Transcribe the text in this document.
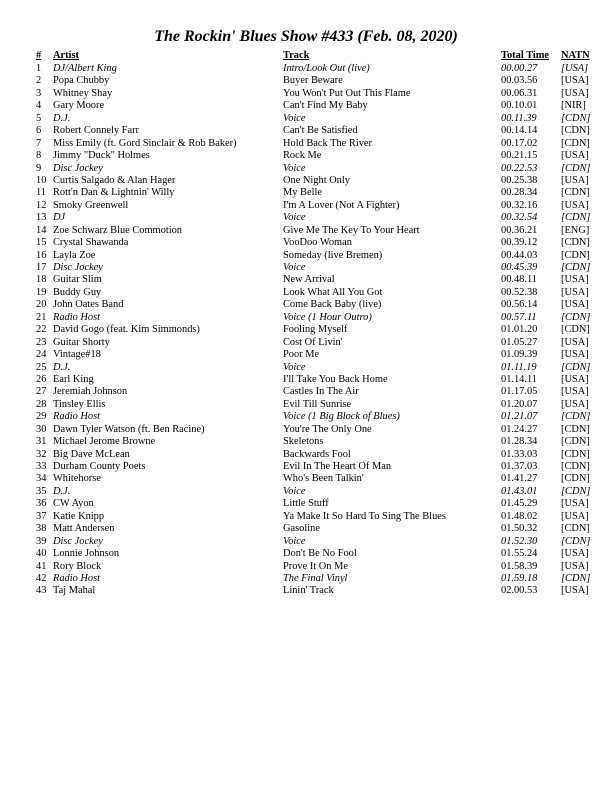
The Rockin' Blues Show #433 (Feb. 08, 2020)
#	Artist	Track	Total Time	NATN
1	DJ/Albert King	Intro/Look Out (live)	00.00.27	[USA]
2	Popa Chubby	Buyer Beware	00.03.56	[USA]
3	Whitney Shay	You Won't Put Out This Flame	00.06.31	[USA]
4	Gary Moore	Can't Find My Baby	00.10.01	[NIR]
5	D.J.	Voice	00.11.39	[CDN]
6	Robert Connely Farr	Can't Be Satisfied	00.14.14	[CDN]
7	Miss Emily (ft. Gord Sinclair & Rob Baker)	Hold Back The River	00.17.02	[CDN]
8	Jimmy "Duck" Holmes	Rock Me	00.21.15	[USA]
9	Disc Jockey	Voice	00.22.53	[CDN]
10	Curtis Salgado & Alan Hager	One Night Only	00.25.38	[USA]
11	Rott'n Dan & Lightnin' Willy	My Belle	00.28.34	[CDN]
12	Smoky Greenwell	I'm A Lover (Not A Fighter)	00.32.16	[USA]
13	DJ	Voice	00.32.54	[CDN]
14	Zoe Schwarz Blue Commotion	Give Me The Key To Your Heart	00.36.21	[ENG]
15	Crystal Shawanda	VooDoo Woman	00.39.12	[CDN]
16	Layla Zoe	Someday (live Bremen)	00.44.03	[CDN]
17	Disc Jockey	Voice	00.45.39	[CDN]
18	Guitar Slim	New Arrival	00.48.11	[USA]
19	Buddy Guy	Look What All You Got	00.52.38	[USA]
20	John Oates Band	Come Back Baby (live)	00.56.14	[USA]
21	Radio Host	Voice (1 Hour Outro)	00.57.11	[CDN]
22	David Gogo (feat. Kim Simmonds)	Fooling Myself	01.01.20	[CDN]
23	Guitar Shorty	Cost Of Livin'	01.05.27	[USA]
24	Vintage#18	Poor Me	01.09.39	[USA]
25	D.J.	Voice	01.11.19	[CDN]
26	Earl King	I'll Take You Back Home	01.14.11	[USA]
27	Jeremiah Johnson	Castles In The Air	01.17.05	[USA]
28	Tinsley Ellis	Evil Till Sunrise	01.20.07	[USA]
29	Radio Host	Voice (1 Big Block of Blues)	01.21.07	[CDN]
30	Dawn Tyler Watson (ft. Ben Racine)	You're The Only One	01.24.27	[CDN]
31	Michael Jerome Browne	Skeletons	01.28.34	[CDN]
32	Big Dave McLean	Backwards Fool	01.33.03	[CDN]
33	Durham County Poets	Evil In The Heart Of Man	01.37.03	[CDN]
34	Whitehorse	Who's Been Talkin'	01.41.27	[CDN]
35	D.J.	Voice	01.43.01	[CDN]
36	CW Ayon	Little Stuff	01.45.29	[USA]
37	Katie Knipp	Ya Make It So Hard To Sing The Blues	01.48.02	[USA]
38	Matt Andersen	Gasoline	01.50.32	[CDN]
39	Disc Jockey	Voice	01.52.30	[CDN]
40	Lonnie Johnson	Don't Be No Fool	01.55.24	[USA]
41	Rory Block	Prove It On Me	01.58.39	[USA]
42	Radio Host	The Final Vinyl	01.59.18	[CDN]
43	Taj Mahal	Linin' Track	02.00.53	[USA]
